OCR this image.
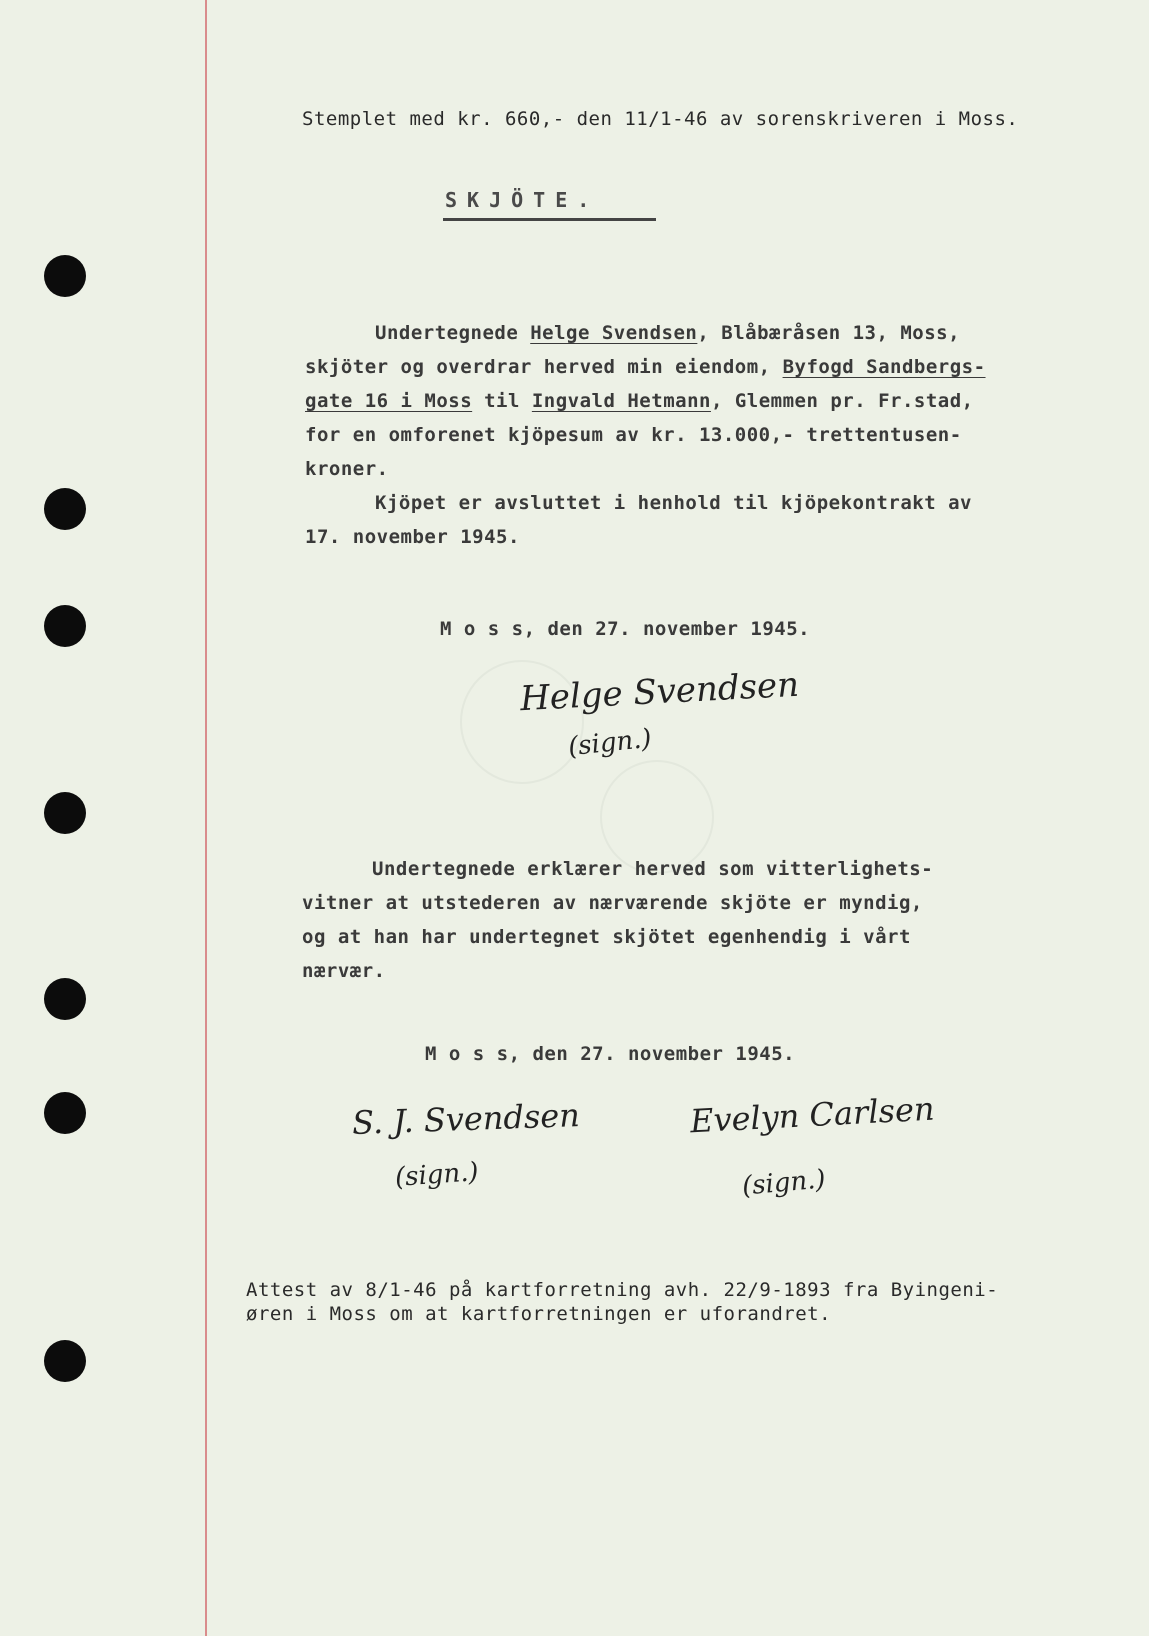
Stemplet med kr. 660,- den 11/1-46 av sorenskriveren i Moss.
SKJÖTE.
Undertegnede Helge Svendsen, Blåbæråsen 13, Moss,
skjöter og overdrar herved min eiendom, Byfogd Sandbergs-
gate 16 i Moss til Ingvald Hetmann, Glemmen pr. Fr.stad,
for en omforenet kjöpesum av kr. 13.000,- trettentusen-
kroner.
Kjöpet er avsluttet i henhold til kjöpekontrakt av
17. november 1945.
M o s s, den 27. november 1945.
Helge Svendsen
(sign.)
Undertegnede erklærer herved som vitterlighets-
vitner at utstederen av nærværende skjöte er myndig,
og at han har undertegnet skjötet egenhendig i vårt
nærvær.
M o s s, den 27. november 1945.
S. J. Svendsen
(sign.)
Evelyn Carlsen
(sign.)
Attest av 8/1-46 på kartforretning avh. 22/9-1893 fra Byingeni-
øren i Moss om at kartforretningen er uforandret.
